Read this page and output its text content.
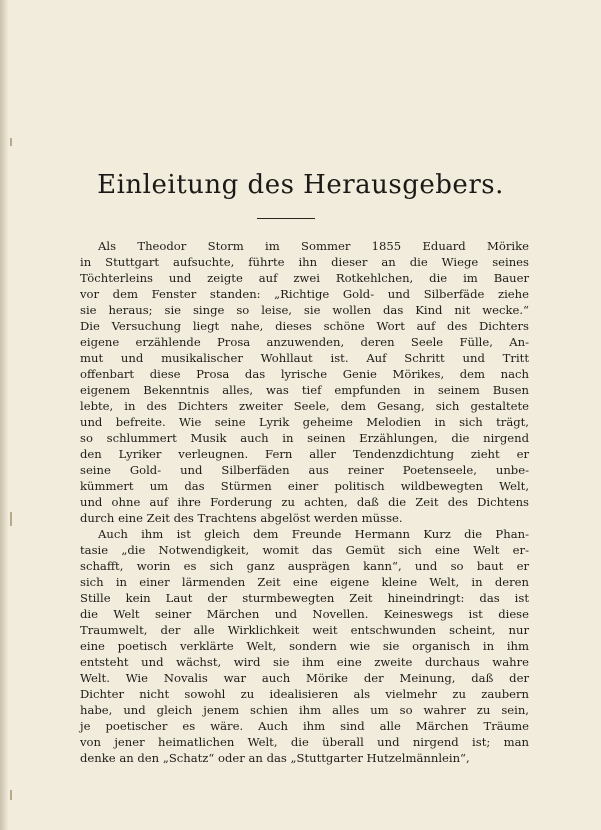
Einleitung des Herausgebers.
Als Theodor Storm im Sommer 1855 Eduard Mörike
in Stuttgart aufsuchte, führte ihn dieser an die Wiege seines
Töchterleins und zeigte auf zwei Rotkehlchen, die im Bauer
vor dem Fenster standen: „Richtige Gold- und Silberfäde ziehe
sie heraus; sie singe so leise, sie wollen das Kind nit wecke.“
Die Versuchung liegt nahe, dieses schöne Wort auf des Dichters
eigene erzählende Prosa anzuwenden, deren Seele Fülle, An-
mut und musikalischer Wohllaut ist. Auf Schritt und Tritt
offenbart diese Prosa das lyrische Genie Mörikes, dem nach
eigenem Bekenntnis alles, was tief empfunden in seinem Busen
lebte, in des Dichters zweiter Seele, dem Gesang, sich gestaltete
und befreite. Wie seine Lyrik geheime Melodien in sich trägt,
so schlummert Musik auch in seinen Erzählungen, die nirgend
den Lyriker verleugnen. Fern aller Tendenzdichtung zieht er
seine Gold- und Silberfäden aus reiner Poetenseele, unbe-
kümmert um das Stürmen einer politisch wildbewegten Welt,
und ohne auf ihre Forderung zu achten, daß die Zeit des Dichtens
durch eine Zeit des Trachtens abgelöst werden müsse.
Auch ihm ist gleich dem Freunde Hermann Kurz die Phan-
tasie „die Notwendigkeit, womit das Gemüt sich eine Welt er-
schafft, worin es sich ganz ausprägen kann“, und so baut er
sich in einer lärmenden Zeit eine eigene kleine Welt, in deren
Stille kein Laut der sturmbewegten Zeit hineindringt: das ist
die Welt seiner Märchen und Novellen. Keineswegs ist diese
Traumwelt, der alle Wirklichkeit weit entschwunden scheint, nur
eine poetisch verklärte Welt, sondern wie sie organisch in ihm
entsteht und wächst, wird sie ihm eine zweite durchaus wahre
Welt. Wie Novalis war auch Mörike der Meinung, daß der
Dichter nicht sowohl zu idealisieren als vielmehr zu zaubern
habe, und gleich jenem schien ihm alles um so wahrer zu sein,
je poetischer es wäre. Auch ihm sind alle Märchen Träume
von jener heimatlichen Welt, die überall und nirgend ist; man
denke an den „Schatz“ oder an das „Stuttgarter Hutzelmännlein“,
